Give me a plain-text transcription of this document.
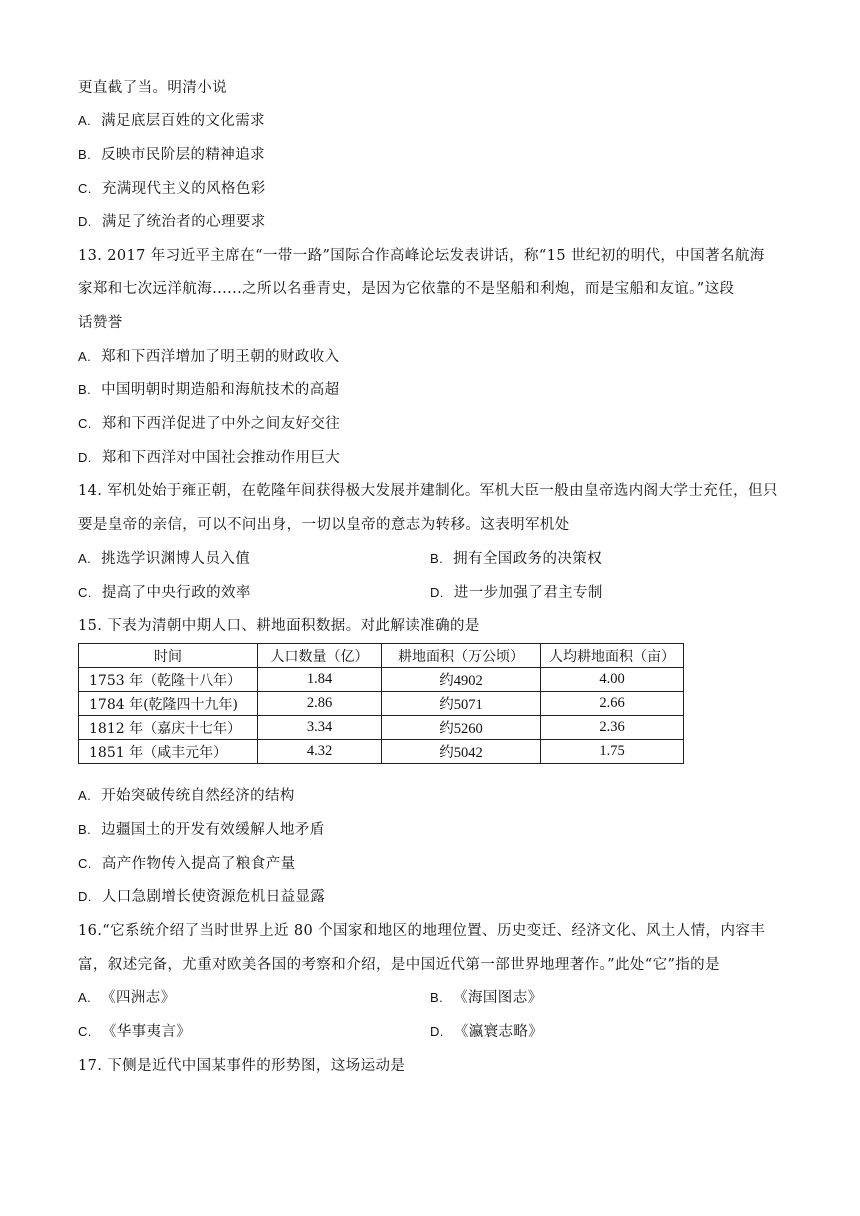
更直截了当。明清小说
A. 满足底层百姓的文化需求
B. 反映市民阶层的精神追求
C. 充满现代主义的风格色彩
D. 满足了统治者的心理要求
13. 2017 年习近平主席在“一带一路”国际合作高峰论坛发表讲话，称“15 世纪初的明代，中国著名航海
家郑和七次远洋航海......之所以名垂青史，是因为它依靠的不是坚船和利炮，而是宝船和友谊。”这段
话赞誉
A. 郑和下西洋增加了明王朝的财政收入
B. 中国明朝时期造船和海航技术的高超
C. 郑和下西洋促进了中外之间友好交往
D. 郑和下西洋对中国社会推动作用巨大
14. 军机处始于雍正朝，在乾隆年间获得极大发展并建制化。军机大臣一般由皇帝选内阁大学士充任，但只
要是皇帝的亲信，可以不问出身，一切以皇帝的意志为转移。这表明军机处
A. 挑选学识渊博人员入值	B. 拥有全国政务的决策权
C. 提高了中央行政的效率	D. 进一步加强了君主专制
15. 下表为清朝中期人口、耕地面积数据。对此解读准确的是
时间	人口数量（亿）	耕地面积（万公顷）	人均耕地面积（亩）
1753 年（乾隆十八年）	1.84	约4902	4.00
1784 年(乾隆四十九年)	2.86	约5071	2.66
1812 年（嘉庆十七年）	3.34	约5260	2.36
1851 年（咸丰元年）	4.32	约5042	1.75
A. 开始突破传统自然经济的结构
B. 边疆国土的开发有效缓解人地矛盾
C. 高产作物传入提高了粮食产量
D. 人口急剧增长使资源危机日益显露
16.“它系统介绍了当时世界上近 80 个国家和地区的地理位置、历史变迁、经济文化、风土人情，内容丰
富，叙述完备，尤重对欧美各国的考察和介绍，是中国近代第一部世界地理著作。”此处“它”指的是
A. 《四洲志》	B. 《海国图志》
C. 《华事夷言》	D. 《瀛寰志略》
17. 下侧是近代中国某事件的形势图，这场运动是
